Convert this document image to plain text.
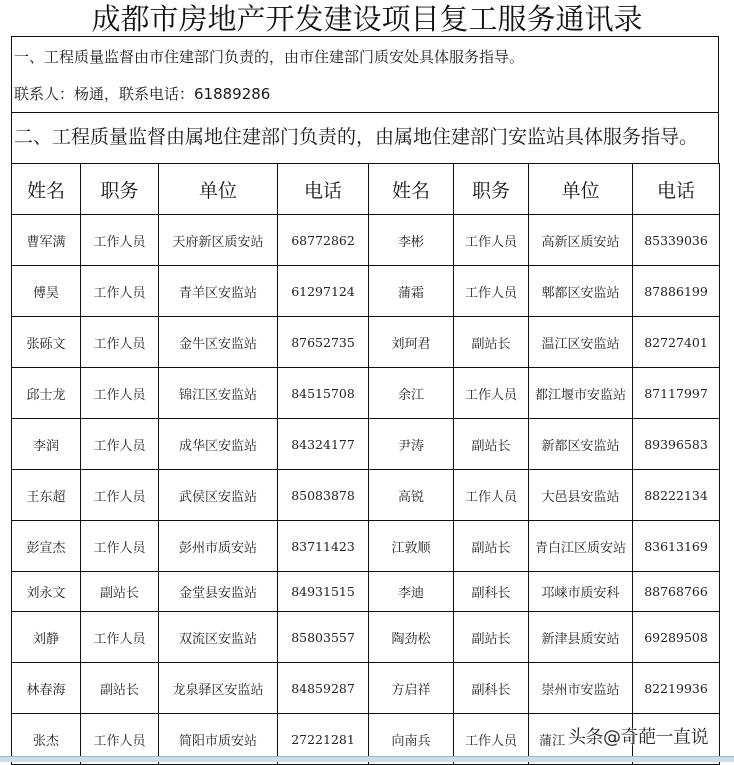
成都市房地产开发建设项目复工服务通讯录
一、工程质量监督由市住建部门负责的，由市住建部门质安处具体服务指导。
联系人：杨通，联系电话：61889286
二、工程质量监督由属地住建部门负责的，由属地住建部门安监站具体服务指导。
姓名	职务	单位	电话	姓名	职务	单位	电话
曹军满	工作人员	天府新区质安站	68772862	李彬	工作人员	高新区质安站	85339036
傅昊	工作人员	青羊区安监站	61297124	蒲霜	工作人员	郫都区安监站	87886199
张砾文	工作人员	金牛区安监站	87652735	刘珂君	副站长	温江区安监站	82727401
邱士龙	工作人员	锦江区安监站	84515708	余江	工作人员	都江堰市安监站	87117997
李润	工作人员	成华区安监站	84324177	尹涛	副站长	新都区安监站	89396583
王东超	工作人员	武侯区安监站	85083878	高锐	工作人员	大邑县安监站	88222134
彭宣杰	工作人员	彭州市质安站	83711423	江敦顺	副站长	青白江区质安站	83613169
刘永文	副站长	金堂县安监站	84931515	李迪	副科长	邛崃市质安科	88768766
刘静	工作人员	双流区安监站	85803557	陶劲松	副站长	新津县质安站	69289508
林春海	副站长	龙泉驿区安监站	84859287	方启祥	副科长	崇州市安监站	82219936
张杰	工作人员	简阳市质安站	27221281	向南兵	工作人员	蒲江	头条@奇葩一直说
